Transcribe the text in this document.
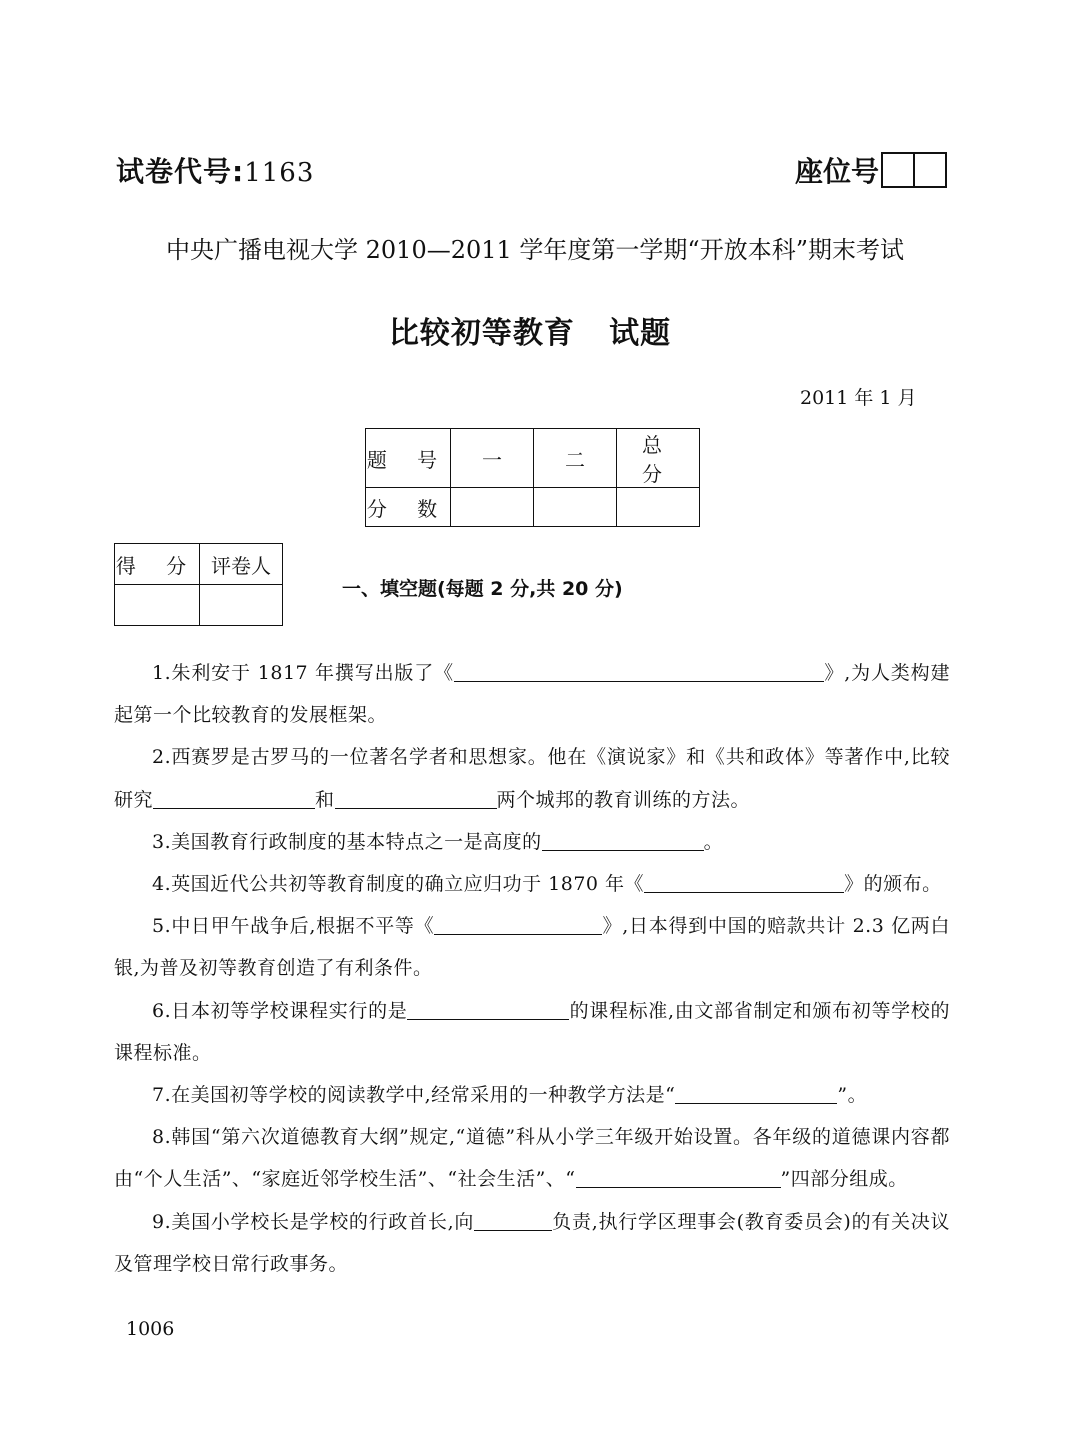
试卷代号:1163	座位号
中央广播电视大学 2010—2011 学年度第一学期“开放本科”期末考试
比较初等教育   试题
2011 年 1 月
题 号	一	二	总 分
分 数			
得 分	评卷人

一、填空题(每题 2 分,共 20 分)

1.朱利安于 1817 年撰写出版了《	》,为人类构建起第一个比较教育的发展框架。

2.西赛罗是古罗马的一位著名学者和思想家。他在《演说家》和《共和政体》等著作中,比较研究	和	两个城邦的教育训练的方法。

3.美国教育行政制度的基本特点之一是高度的	。

4.英国近代公共初等教育制度的确立应归功于 1870 年《	》的颁布。

5.中日甲午战争后,根据不平等《	》,日本得到中国的赔款共计 2.3 亿两白银,为普及初等教育创造了有利条件。

6.日本初等学校课程实行的是	的课程标准,由文部省制定和颁布初等学校的课程标准。

7.在美国初等学校的阅读教学中,经常采用的一种教学方法是“	”。

8.韩国“第六次道德教育大纲”规定,“道德”科从小学三年级开始设置。各年级的道德课内容都由“个人生活”、“家庭近邻学校生活”、“社会生活”、“	”四部分组成。

9.美国小学校长是学校的行政首长,向	负责,执行学区理事会(教育委员会)的有关决议及管理学校日常行政事务。

1006
